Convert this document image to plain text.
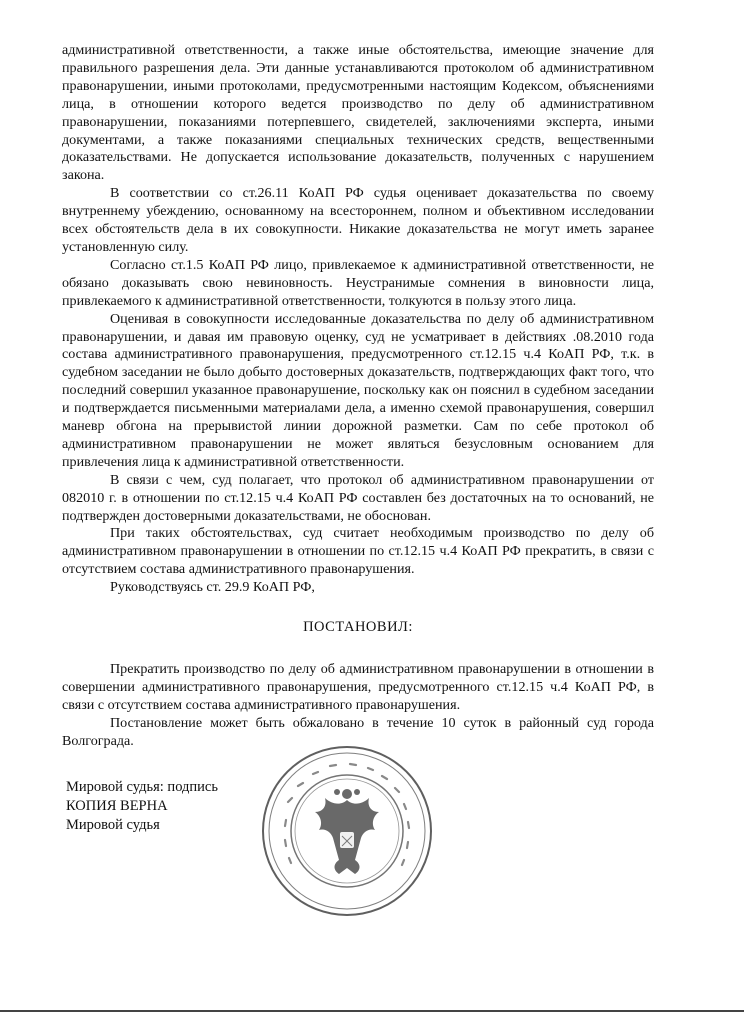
административной ответственности, а также иные обстоятельства, имеющие значение для правильного разрешения дела. Эти данные устанавливаются протоколом об административном правонарушении, иными протоколами, предусмотренными настоящим Кодексом, объяснениями лица, в отношении которого ведется производство по делу об административном правонарушении, показаниями потерпевшего, свидетелей, заключениями эксперта, иными документами, а также показаниями специальных технических средств, вещественными доказательствами. Не допускается использование доказательств, полученных с нарушением закона.

В соответствии со ст.26.11 КоАП РФ судья оценивает доказательства по своему внутреннему убеждению, основанному на всестороннем, полном и объективном исследовании всех обстоятельств дела в их совокупности. Никакие доказательства не могут иметь заранее установленную силу.

Согласно ст.1.5 КоАП РФ лицо, привлекаемое к административной ответственности, не обязано доказывать свою невиновность. Неустранимые сомнения в виновности лица, привлекаемого к административной ответственности, толкуются в пользу этого лица.

Оценивая в совокупности исследованные доказательства по делу об административном правонарушении, и давая им правовую оценку, суд не усматривает в действиях .08.2010 года состава административного правонарушения, предусмотренного ст.12.15 ч.4 КоАП РФ, т.к. в судебном заседании не было добыто достоверных доказательств, подтверждающих факт того, что последний совершил указанное правонарушение, поскольку как он пояснил в судебном заседании и подтверждается письменными материалами дела, а именно схемой правонарушения, совершил маневр обгона на прерывистой линии дорожной разметки. Сам по себе протокол об административном правонарушении не может являться безусловным основанием для привлечения лица к административной ответственности.

В связи с чем, суд полагает, что протокол об административном правонарушении от 082010 г. в отношении по ст.12.15 ч.4 КоАП РФ составлен без достаточных на то оснований, не подтвержден достоверными доказательствами, не обоснован.

При таких обстоятельствах, суд считает необходимым производство по делу об административном правонарушении в отношении по ст.12.15 ч.4 КоАП РФ прекратить, в связи с отсутствием состава административного правонарушения.

Руководствуясь ст. 29.9 КоАП РФ,

ПОСТАНОВИЛ:

Прекратить производство по делу об административном правонарушении в отношении в совершении административного правонарушения, предусмотренного ст.12.15 ч.4 КоАП РФ, в связи с отсутствием состава административного правонарушения.

Постановление может быть обжаловано в течение 10 суток в районный суд города Волгограда.

Мировой судья: подпись
КОПИЯ ВЕРНА
Мировой судья
